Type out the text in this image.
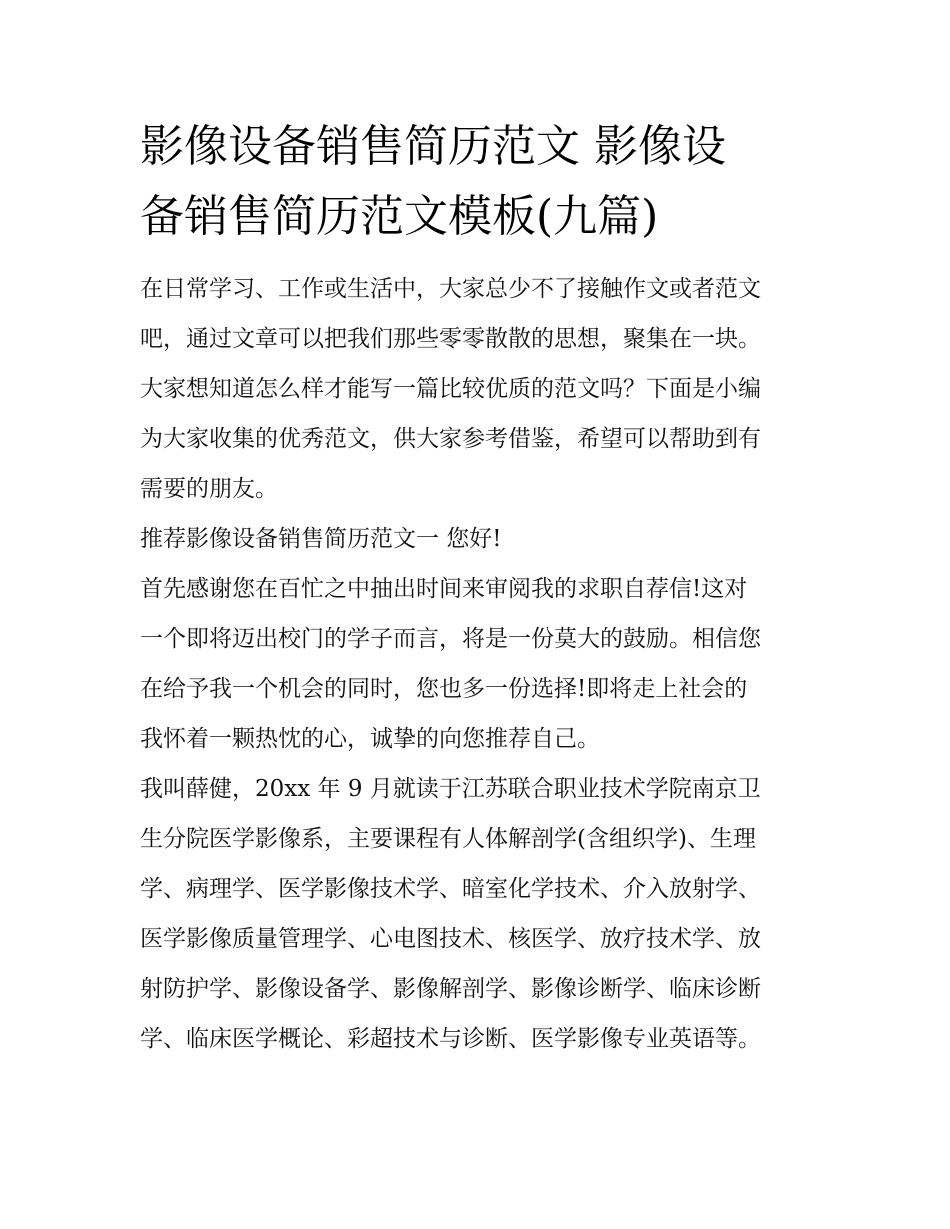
影像设备销售简历范文 影像设
备销售简历范文模板(九篇)
在日常学习、工作或生活中，大家总少不了接触作文或者范文
吧，通过文章可以把我们那些零零散散的思想，聚集在一块。
大家想知道怎么样才能写一篇比较优质的范文吗？下面是小编
为大家收集的优秀范文，供大家参考借鉴，希望可以帮助到有
需要的朋友。
推荐影像设备销售简历范文一 您好!
首先感谢您在百忙之中抽出时间来审阅我的求职自荐信!这对
一个即将迈出校门的学子而言，将是一份莫大的鼓励。相信您
在给予我一个机会的同时，您也多一份选择!即将走上社会的
我怀着一颗热忱的心，诚挚的向您推荐自己。
我叫薛健，20xx 年 9 月就读于江苏联合职业技术学院南京卫
生分院医学影像系，主要课程有人体解剖学(含组织学)、生理
学、病理学、医学影像技术学、暗室化学技术、介入放射学、
医学影像质量管理学、心电图技术、核医学、放疗技术学、放
射防护学、影像设备学、影像解剖学、影像诊断学、临床诊断
学、临床医学概论、彩超技术与诊断、医学影像专业英语等。
